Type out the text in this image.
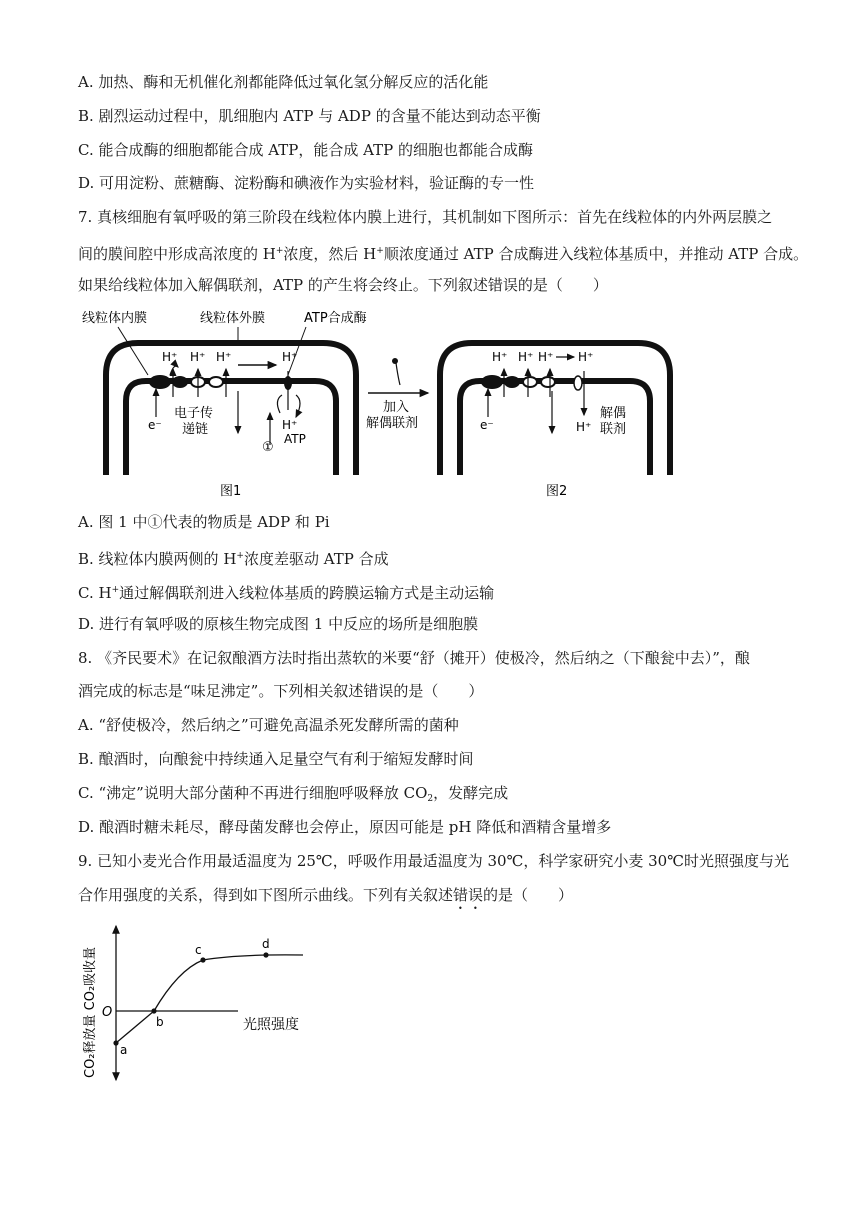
A. 加热、酶和无机催化剂都能降低过氧化氢分解反应的活化能
B. 剧烈运动过程中，肌细胞内 ATP 与 ADP 的含量不能达到动态平衡
C. 能合成酶的细胞都能合成 ATP，能合成 ATP 的细胞也都能合成酶
D. 可用淀粉、蔗糖酶、淀粉酶和碘液作为实验材料，验证酶的专一性
7. 真核细胞有氧呼吸的第三阶段在线粒体内膜上进行，其机制如下图所示：首先在线粒体的内外两层膜之
间的膜间腔中形成高浓度的 H+浓度，然后 H+顺浓度通过 ATP 合成酶进入线粒体基质中，并推动 ATP 合成。
如果给线粒体加入解偶联剂，ATP 的产生将会终止。下列叙述错误的是（　　）
线粒体内膜	线粒体外膜	ATP合成酶
H⁺ H⁺ H⁺	H⁺
e⁻
电子传
递链
①
H⁺
ATP
加入
解偶联剂
H⁺ H⁺ H⁺ H⁺
e⁻	H⁺
解偶
联剂
图1	图2
A. 图 1 中①代表的物质是 ADP 和 Pi
B. 线粒体内膜两侧的 H+浓度差驱动 ATP 合成
C. H+通过解偶联剂进入线粒体基质的跨膜运输方式是主动运输
D. 进行有氧呼吸的原核生物完成图 1 中反应的场所是细胞膜
8. 《齐民要术》在记叙酿酒方法时指出蒸软的米要“舒（摊开）使极冷，然后纳之（下酿瓮中去）”，酿
酒完成的标志是“味足沸定”。下列相关叙述错误的是（　　）
A. “舒使极冷，然后纳之”可避免高温杀死发酵所需的菌种
B. 酿酒时，向酿瓮中持续通入足量空气有利于缩短发酵时间
C. “沸定”说明大部分菌种不再进行细胞呼吸释放 $CO_2$，发酵完成
D. 酿酒时糖未耗尽，酵母菌发酵也会停止，原因可能是 pH 降低和酒精含量增多
9. 已知小麦光合作用最适温度为 25℃，呼吸作用最适温度为 30℃，科学家研究小麦 30℃时光照强度与光
合作用强度的关系，得到如下图所示曲线。下列有关叙述错误的是（　　）
a
b
c	d
O
光照强度
CO₂释放量 CO₂吸收量
